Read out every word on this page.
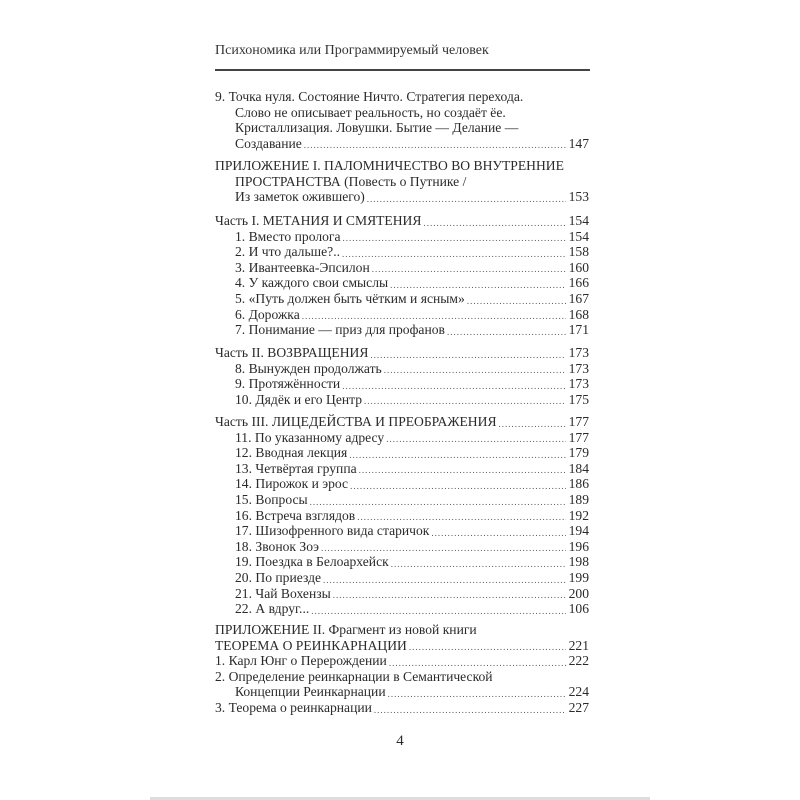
Психономика или Программируемый человек
9. Точка нуля. Состояние Ничто. Стратегия перехода.
Слово не описывает реальность, но создаёт ёе.
Кристаллизация. Ловушки. Бытие — Делание —
Создавание .....	147
ПРИЛОЖЕНИЕ I. ПАЛОМНИЧЕСТВО ВО ВНУТРЕННИЕ
ПРОСТРАНСТВА (Повесть о Путнике /
Из заметок ожившего) .....	153
Часть I. МЕТАНИЯ И СМЯТЕНИЯ .....	154
1. Вместо пролога .....	154
2. И что дальше?.. .....	158
3. Ивантеевка-Эпсилон .....	160
4. У каждого свои смыслы .....	166
5. «Путь должен быть чётким и ясным» .....	167
6. Дорожка .....	168
7. Понимание — приз для профанов .....	171
Часть II. ВОЗВРАЩЕНИЯ .....	173
8. Вынужден продолжать .....	173
9. Протяжённости .....	173
10. Дядёк и его Центр .....	175
Часть III. ЛИЦЕДЕЙСТВА И ПРЕОБРАЖЕНИЯ .....	177
11. По указанному адресу .....	177
12. Вводная лекция .....	179
13. Четвёртая группа .....	184
14. Пирожок и эрос .....	186
15. Вопросы .....	189
16. Встреча взглядов .....	192
17. Шизофренного вида старичок .....	194
18. Звонок Зоэ .....	196
19. Поездка в Белоархейск .....	198
20. По приезде .....	199
21. Чай Вохензы .....	200
22. А вдруг... .....	106
ПРИЛОЖЕНИЕ II. Фрагмент из новой книги
ТЕОРЕМА О РЕИНКАРНАЦИИ .....	221
1. Карл Юнг о Перерождении .....	222
2. Определение реинкарнации в Семантической
Концепции Реинкарнации .....	224
3. Теорема о реинкарнации .....	227
4
